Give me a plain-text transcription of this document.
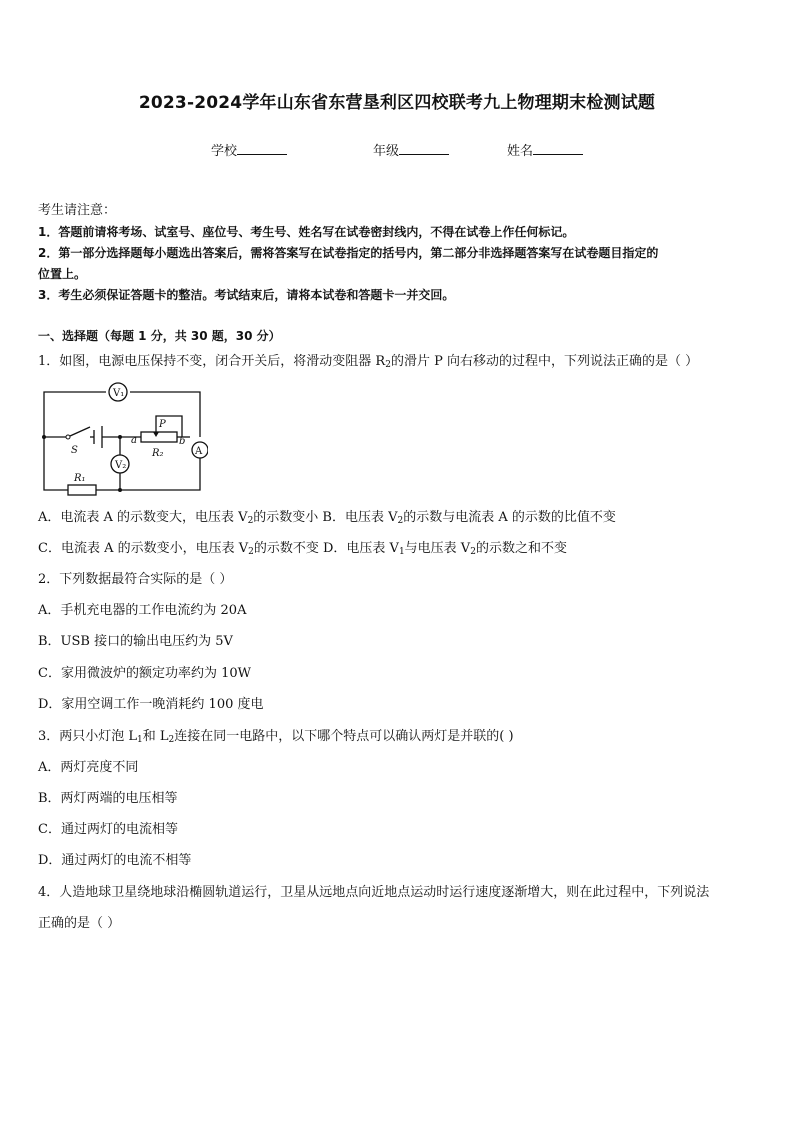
2023-2024学年山东省东营垦利区四校联考九上物理期末检测试题
学校	年级	姓名
考生请注意：
1．答题前请将考场、试室号、座位号、考生号、姓名写在试卷密封线内，不得在试卷上作任何标记。
2．第一部分选择题每小题选出答案后，需将答案写在试卷指定的括号内，第二部分非选择题答案写在试卷题目指定的
位置上。
3．考生必须保证答题卡的整洁。考试结束后，请将本试卷和答题卡一并交回。
一、选择题（每题 1 分，共 30 题，30 分）
1．如图，电源电压保持不变，闭合开关后，将滑动变阻器 $R_2$的滑片 P 向右移动的过程中，下列说法正确的是（ ）
V₁
S
P
a	b
R₂
V₂
A
R₁
A．电流表 A 的示数变大，电压表 $V_2$的示数变小 B．电压表 $V_2$的示数与电流表 A 的示数的比值不变
C．电流表 A 的示数变小，电压表 $V_2$的示数不变 D．电压表 $V_1$与电压表 $V_2$的示数之和不变
2．下列数据最符合实际的是（ ）
A．手机充电器的工作电流约为 20A
B．USB 接口的输出电压约为 5V
C．家用微波炉的额定功率约为 10W
D．家用空调工作一晚消耗约 100 度电
3．两只小灯泡 $L_1$和 $L_2$连接在同一电路中，以下哪个特点可以确认两灯是并联的( )
A．两灯亮度不同
B．两灯两端的电压相等
C．通过两灯的电流相等
D．通过两灯的电流不相等
4．人造地球卫星绕地球沿椭圆轨道运行，卫星从远地点向近地点运动时运行速度逐渐增大，则在此过程中，下列说法
正确的是（ ）
